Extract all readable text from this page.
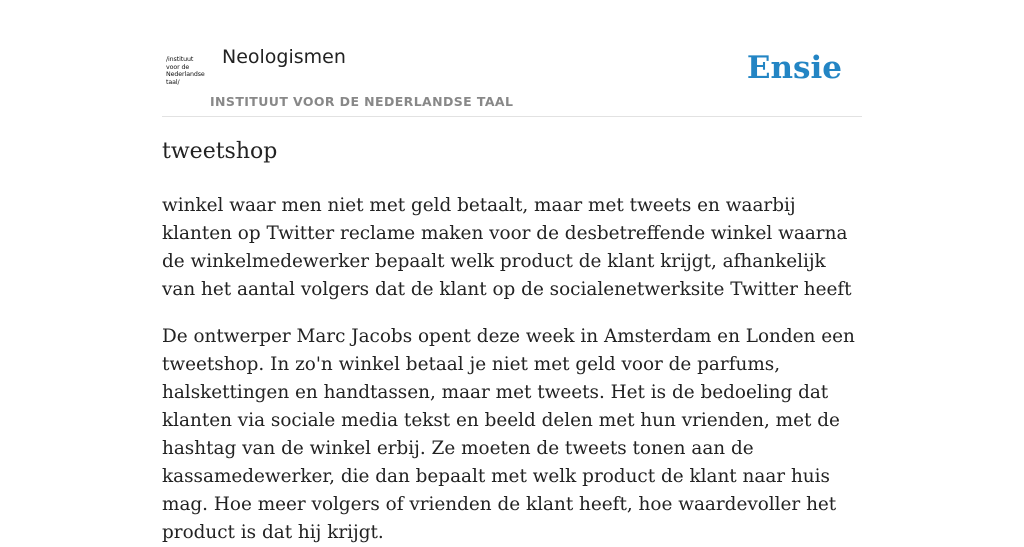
/instituut
voor de
Nederlandse
taal/
Neologismen
INSTITUUT VOOR DE NEDERLANDSE TAAL
Ensie
tweetshop

winkel waar men niet met geld betaalt, maar met tweets en waarbij klanten op Twitter reclame maken voor de desbetreffende winkel waarna de winkelmedewerker bepaalt welk product de klant krijgt, afhankelijk van het aantal volgers dat de klant op de socialenetwerksite Twitter heeft

De ontwerper Marc Jacobs opent deze week in Amsterdam en Londen een tweetshop. In zo'n winkel betaal je niet met geld voor de parfums, halskettingen en handtassen, maar met tweets. Het is de bedoeling dat klanten via sociale media tekst en beeld delen met hun vrienden, met de hashtag van de winkel erbij. Ze moeten de tweets tonen aan de kassamedewerker, die dan bepaalt met welk product de klant naar huis mag. Hoe meer volgers of vrienden de klant heeft, hoe waardevoller het product is dat hij krijgt.
